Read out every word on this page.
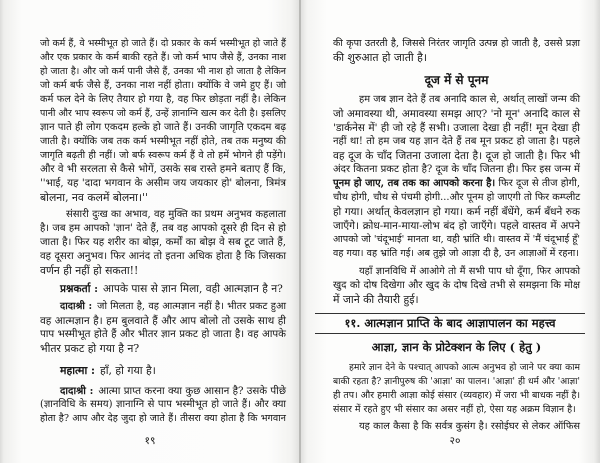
जो कर्म हैं, वे भस्मीभूत हो जाते हैं। दो प्रकार के कर्म भस्मीभूत हो जाते हैं
और एक प्रकार के कर्म बाकी रहते हैं। जो कर्म भाप जैसे हैं, उनका नाश
हो जाता है। और जो कर्म पानी जैसे हैं, उनका भी नाश हो जाता है लेकिन
जो कर्म बर्फ जैसे हैं, उनका नाश नहीं होता। क्योंकि वे जमे हुए हैं। जो
कर्म फल देने के लिए तैयार हो गया है, वह फिर छोड़ता नहीं है। लेकिन
पानी और भाप स्वरूप जो कर्म हैं, उन्हें ज्ञानाग्नि खत्म कर देती है। इसलिए
ज्ञान पाते ही लोग एकदम हल्के हो जाते हैं। उनकी जागृति एकदम बढ़
जाती है। क्योंकि जब तक कर्म भस्मीभूत नहीं होते, तब तक मनुष्य की
जागृति बढ़ती ही नहीं। जो बर्फ स्वरूप कर्म हैं वे तो हमें भोगने ही पड़ेंगे।
और वे भी सरलता से कैसे भोगें, उसके सब रास्ते हमने बताए हैं कि,
''भाई, यह 'दादा भगवान के असीम जय जयकार हो' बोलना, त्रिमंत्र
बोलना, नव कलमें बोलना।''
संसारी दुःख का अभाव, वह मुक्ति का प्रथम अनुभव कहलाता
है। जब हम आपको 'ज्ञान' देते हैं, तब वह आपको दूसरे ही दिन से हो
जाता है। फिर यह शरीर का बोझ, कर्मों का बोझ वे सब टूट जाते हैं,
वह दूसरा अनुभव। फिर आनंद तो इतना अधिक होता है कि जिसका
वर्णन ही नहीं हो सकता!!
प्रश्नकर्ता : आपके पास से ज्ञान मिला, वही आत्मज्ञान है न?
दादाश्री : जो मिलता है, वह आत्मज्ञान नहीं है। भीतर प्रकट हुआ
वह आत्मज्ञान है। हम बुलवाते हैं और आप बोलो तो उसके साथ ही
पाप भस्मीभूत होते हैं और भीतर ज्ञान प्रकट हो जाता है। वह आपके
भीतर प्रकट हो गया है न?
महात्मा : हाँ, हो गया है।
दादाश्री : आत्मा प्राप्त करना क्या कुछ आसान है? उसके पीछे
(ज्ञानविधि के समय) ज्ञानाग्नि से पाप भस्मीभूत हो जाते हैं। और क्या
होता है? आप और देह जुदा हो जाते हैं। तीसरा क्या होता है कि भगवान
१९
की कृपा उतरती है, जिससे निरंतर जागृति उत्पन्न हो जाती है, उससे प्रज्ञा
की शुरुआत हो जाती है।
दूज में से पूनम
हम जब ज्ञान देते हैं तब अनादि काल से, अर्थात् लाखों जन्म की
जो अमावस्या थी, अमावस्या समझ आए? 'नो मून' अनादि काल से
'डार्कनेस में' ही जो रहे हैं सभी। उजाला देखा ही नहीं! मून देखा ही
नहीं था! तो हम जब यह ज्ञान देते हैं तब मून प्रकट हो जाता है। पहले
वह दूज के चाँद जितना उजाला देता है। दूज हो जाती है। फिर भी
अंदर कितना प्रकट होता है? दूज के चाँद जितना ही। फिर इस जन्म में
पूनम हो जाए, तब तक का आपको करना है। फिर दूज से तीज होगी,
चौथ होगी, चौथ से पंचमी होगी...और पूनम हो जाएगी तो फिर कम्प्लीट
हो गया। अर्थात् केवलज्ञान हो गया। कर्म नहीं बँधेंगे, कर्म बँधने रुक
जाएँगे। क्रोध-मान-माया-लोभ बंद हो जाएँगे। पहले वास्तव में अपने
आपको जो 'चंदूभाई' मानता था, वही भ्रांति थी। वास्तव में 'मैं चंदूभाई हूँ'
वह गया। वह भ्रांति गई। अब तुझे जो आज्ञा दी है, उन आज्ञाओं में रहना।
यहाँ ज्ञानविधि में आओगे तो मैं सभी पाप धो दूँगा, फिर आपको
खुद को दोष दिखेगा और खुद के दोष दिखे तभी से समझना कि मोक्ष
में जाने की तैयारी हुई।
११. आत्मज्ञान प्राप्ति के बाद आज्ञापालन का महत्त्व
आज्ञा, ज्ञान के प्रोटेक्शन के लिए ( हेतु )
हमारे ज्ञान देने के पश्चात् आपको आत्म अनुभव हो जाने पर क्या काम
बाकी रहता है? ज्ञानीपुरुष की 'आज्ञा' का पालन। 'आज्ञा' ही धर्म और 'आज्ञा'
ही तप। और हमारी आज्ञा कोई संसार (व्यवहार) में जरा भी बाधक नहीं है।
संसार में रहते हुए भी संसार का असर नहीं हो, ऐसा यह अक्रम विज्ञान है।
यह काल कैसा है कि सर्वत्र कुसंग है। रसोईघर से लेकर ऑफिस
२०
